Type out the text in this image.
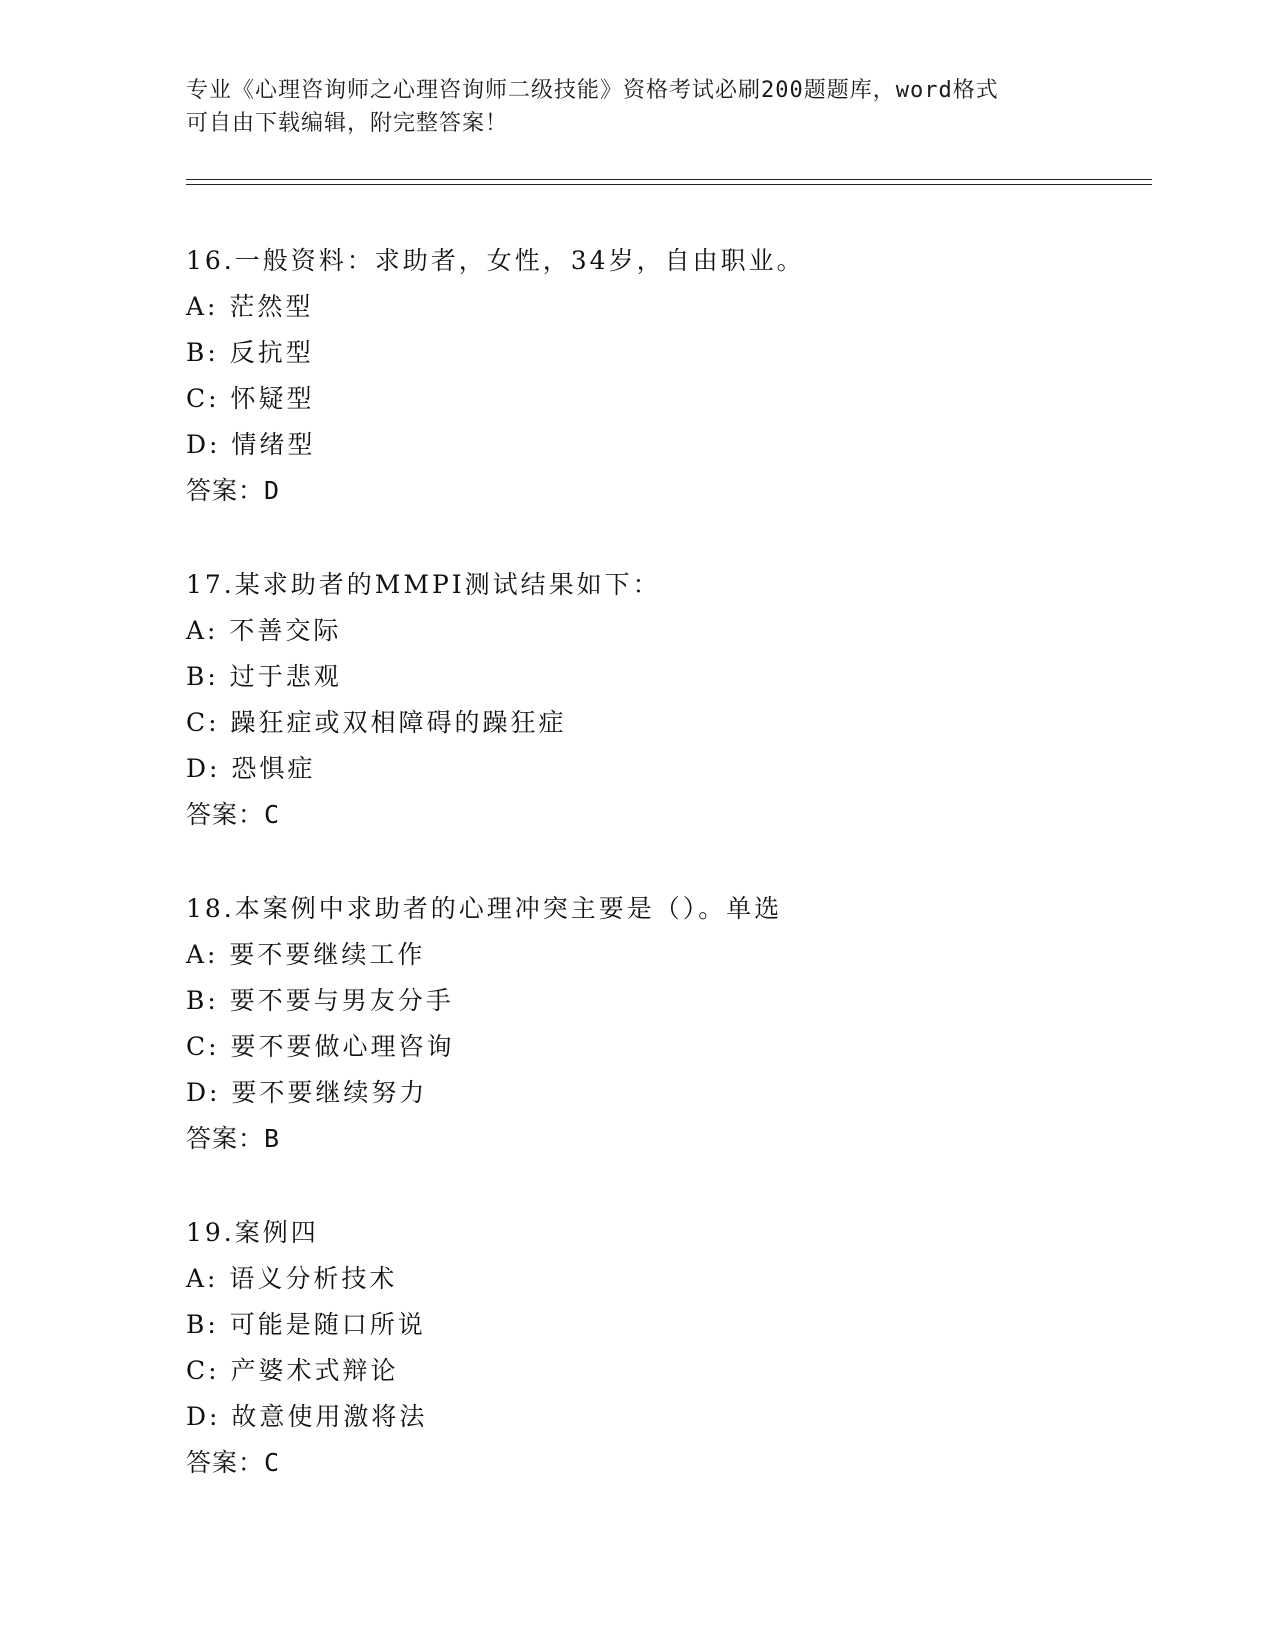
专业《心理咨询师之心理咨询师二级技能》资格考试必刷200题题库，word格式
可自由下载编辑，附完整答案！
16.一般资料：求助者，女性，34岁，自由职业。
A: 茫然型
B: 反抗型
C: 怀疑型
D: 情绪型
答案：D
17.某求助者的MMPI测试结果如下：
A: 不善交际
B: 过于悲观
C: 躁狂症或双相障碍的躁狂症
D: 恐惧症
答案：C
18.本案例中求助者的心理冲突主要是（）。单选
A: 要不要继续工作
B: 要不要与男友分手
C: 要不要做心理咨询
D: 要不要继续努力
答案：B
19.案例四
A: 语义分析技术
B: 可能是随口所说
C: 产婆术式辩论
D: 故意使用激将法
答案：C
